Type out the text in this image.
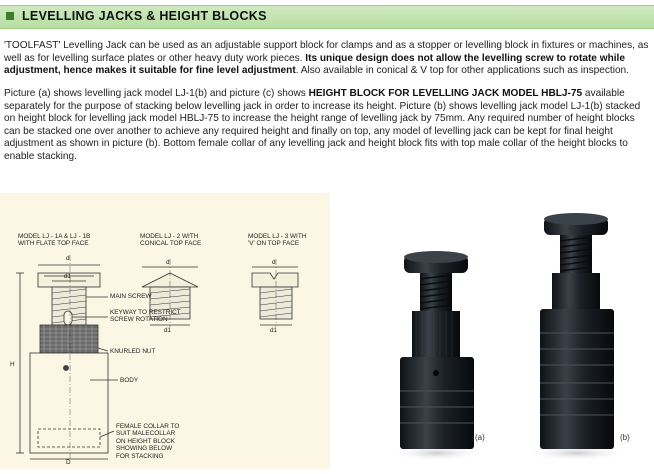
LEVELLING JACKS & HEIGHT BLOCKS

'TOOLFAST' Levelling Jack can be used as an adjustable support block for clamps and as a stopper or levelling block in fixtures or machines, as well as for levelling surface plates or other heavy duty work pieces. Its unique design does not allow the levelling screw to rotate while adjustment, hence makes it suitable for fine level adjustment. Also available in conical & V top for other applications such as inspection.

Picture (a) shows levelling jack model LJ-1(b) and picture (c) shows HEIGHT BLOCK FOR LEVELLING JACK MODEL HBLJ-75 available separately for the purpose of stacking below levelling jack in order to increase its height. Picture (b) shows levelling jack model LJ-1(b) stacked on height block for levelling jack model HBLJ-75 to increase the height range of levelling jack by 75mm. Any required number of height blocks can be stacked one over another to achieve any required height and finally on top, any model of levelling jack can be kept for final height adjustment as shown in picture (b). Bottom female collar of any levelling jack and height block fits with top male collar of the height blocks to enable stacking.

MODEL LJ - 1A & LJ - 1B
WITH FLATE TOP FACE
MODEL LJ - 2 WITH
CONICAL TOP FACE
MODEL LJ - 3 WITH
'V' ON TOP FACE
MAIN SCREW
KEYWAY TO RESTRICT
SCREW ROTATION
KNURLED NUT
BODY
FEMALE COLLAR TO
SUIT MALECOLLAR
ON HEIGHT BLOCK
SHOWING BELOW
FOR STACKING
d
d1
H
D
d
d1
d
d1
(a)	(b)
